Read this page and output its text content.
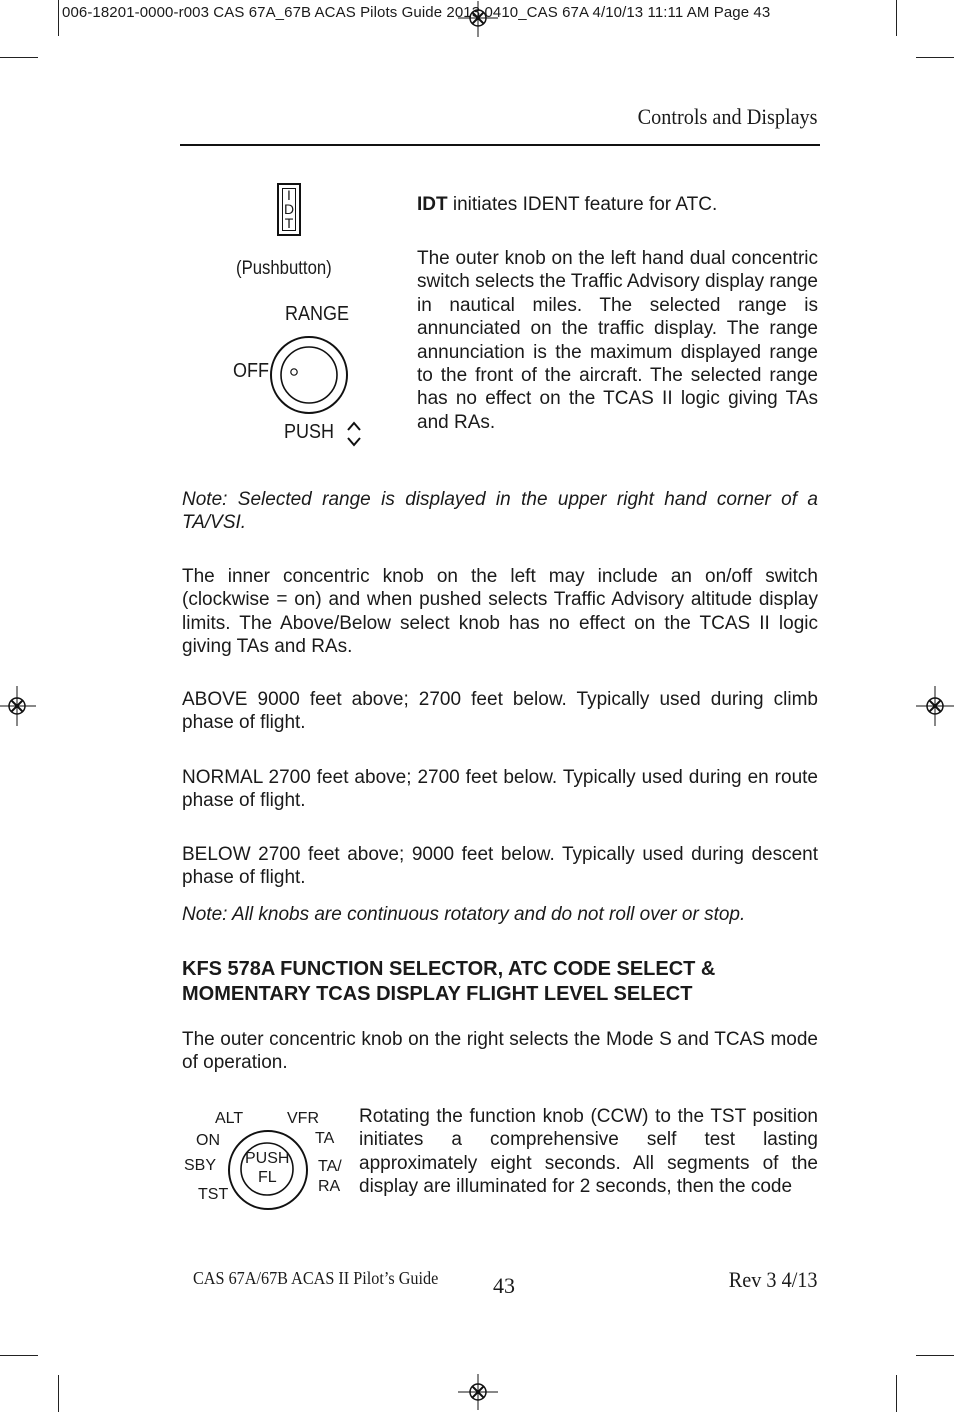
006-18201-0000-r003 CAS 67A_67B ACAS Pilots Guide 2013 0410_CAS 67A 4/10/13 11:11 AM Page 43
Controls and Displays
I
D
T
(Pushbutton)
RANGE
OFF
PUSH
IDT initiates IDENT feature for ATC.
The outer knob on the left hand dual concentric switch selects the Traffic Advisory display range in nautical miles. The selected range is annunciated on the traffic display. The range annunciation is the maximum displayed range to the front of the aircraft. The selected range has no effect on the TCAS II logic giving TAs and RAs.
Note: Selected range is displayed in the upper right hand corner of a TA/VSI.
The inner concentric knob on the left may include an on/off switch (clockwise = on) and when pushed selects Traffic Advisory altitude display limits. The Above/Below select knob has no effect on the TCAS II logic giving TAs and RAs.
ABOVE 9000 feet above; 2700 feet below. Typically used during climb phase of flight.
NORMAL 2700 feet above; 2700 feet below. Typically used during en route phase of flight.
BELOW 2700 feet above; 9000 feet below. Typically used during descent phase of flight.
Note: All knobs are continuous rotatory and do not roll over or stop.
KFS 578A FUNCTION SELECTOR, ATC CODE SELECT &
MOMENTARY TCAS DISPLAY FLIGHT LEVEL SELECT
The outer concentric knob on the right selects the Mode S and TCAS mode of operation.
ALT	VFR
ON	TA
SBY	TA/
RA
TST
PUSH
FL
Rotating the function knob (CCW) to the TST position initiates a comprehensive self test lasting approximately eight seconds. All segments of the display are illuminated for 2 seconds, then the code
CAS 67A/67B ACAS II Pilot’s Guide 43	Rev 3 4/13
